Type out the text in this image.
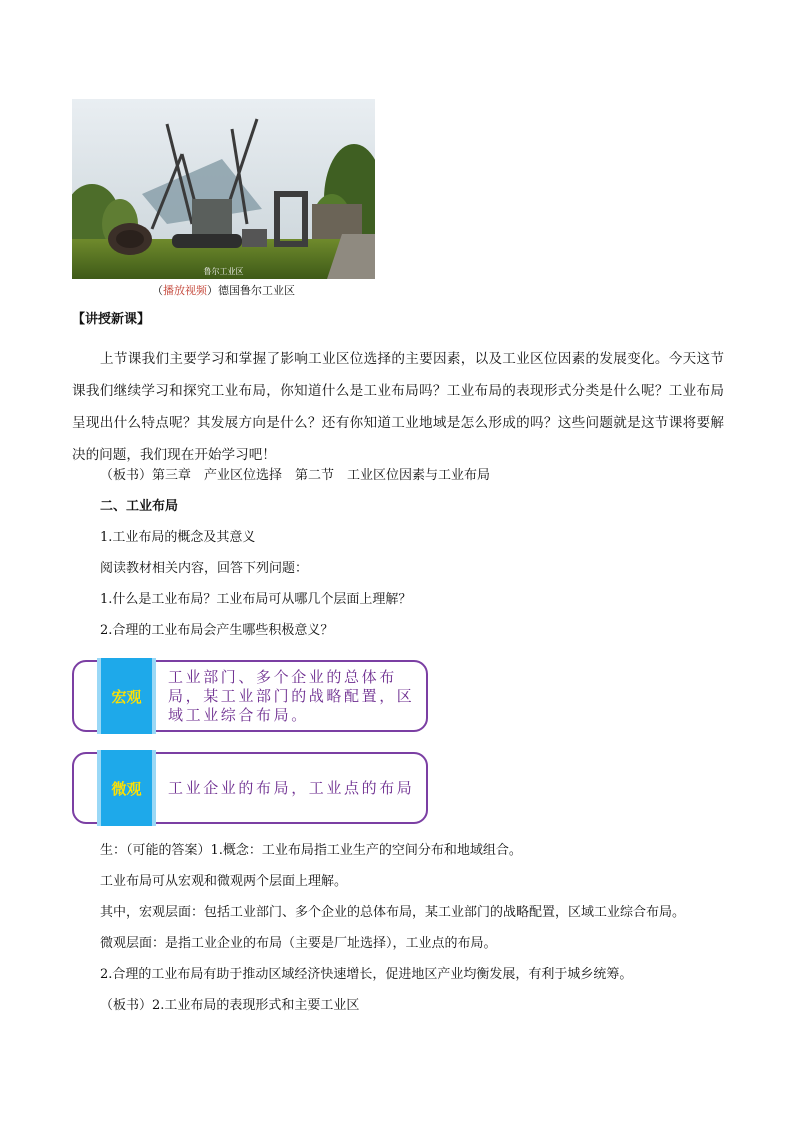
鲁尔工业区
（播放视频）德国鲁尔工业区
【讲授新课】
上节课我们主要学习和掌握了影响工业区位选择的主要因素，以及工业区位因素的发展变化。今天这节课我们继续学习和探究工业布局，你知道什么是工业布局吗？工业布局的表现形式分类是什么呢？工业布局呈现出什么特点呢？其发展方向是什么？还有你知道工业地域是怎么形成的吗？这些问题就是这节课将要解决的问题，我们现在开始学习吧！
（板书）第三章　产业区位选择　第二节　工业区位因素与工业布局
二、工业布局
1.工业布局的概念及其意义
阅读教材相关内容，回答下列问题：
1.什么是工业布局？工业布局可从哪几个层面上理解？
2.合理的工业布局会产生哪些积极意义？
宏观
工业部门、多个企业的总体布局，某工业部门的战略配置，区域工业综合布局。
微观	工业企业的布局，工业点的布局
生：（可能的答案）1.概念：工业布局指工业生产的空间分布和地域组合。
工业布局可从宏观和微观两个层面上理解。
其中，宏观层面：包括工业部门、多个企业的总体布局，某工业部门的战略配置，区域工业综合布局。
微观层面：是指工业企业的布局（主要是厂址选择），工业点的布局。
2.合理的工业布局有助于推动区域经济快速增长，促进地区产业均衡发展，有利于城乡统筹。
（板书）2.工业布局的表现形式和主要工业区
